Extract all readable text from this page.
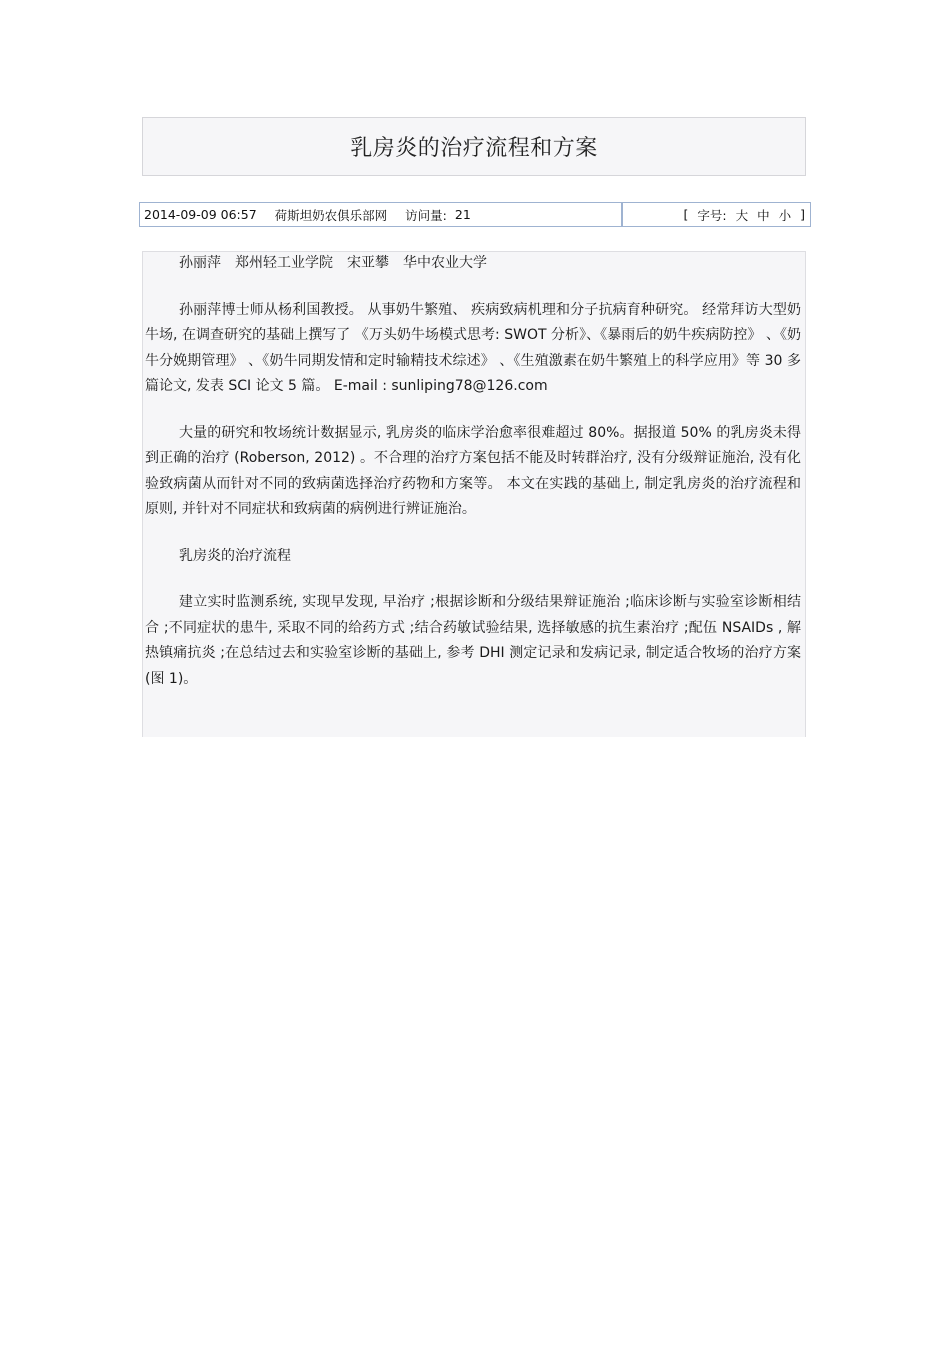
乳房炎的治疗流程和方案
2014-09-09 06:57 荷斯坦奶农俱乐部网 访问量: 21	[ 字号: 大 中 小 ]

孙丽萍 郑州轻工业学院 宋亚攀 华中农业大学

孙丽萍博士师从杨利国教授。 从事奶牛繁殖、 疾病致病机理和分子抗病育种研究。 经常拜访大型奶牛场, 在调查研究的基础上撰写了 《万头奶牛场模式思考: SWOT 分析》、《暴雨后的奶牛疾病防控》 、《奶牛分娩期管理》 、《奶牛同期发情和定时输精技术综述》 、《生殖激素在奶牛繁殖上的科学应用》等 30 多篇论文, 发表 SCI 论文 5 篇。 E-mail : sunliping78@126.com

大量的研究和牧场统计数据显示, 乳房炎的临床学治愈率很难超过 80%。据报道 50% 的乳房炎未得到正确的治疗 (Roberson, 2012) 。不合理的治疗方案包括不能及时转群治疗, 没有分级辩证施治, 没有化验致病菌从而针对不同的致病菌选择治疗药物和方案等。 本文在实践的基础上, 制定乳房炎的治疗流程和原则, 并针对不同症状和致病菌的病例进行辨证施治。

乳房炎的治疗流程

建立实时监测系统, 实现早发现, 早治疗 ;根据诊断和分级结果辩证施治 ;临床诊断与实验室诊断相结合 ;不同症状的患牛, 采取不同的给药方式 ;结合药敏试验结果, 选择敏感的抗生素治疗 ;配伍 NSAIDs , 解热镇痛抗炎 ;在总结过去和实验室诊断的基础上, 参考 DHI 测定记录和发病记录, 制定适合牧场的治疗方案 (图 1)。
